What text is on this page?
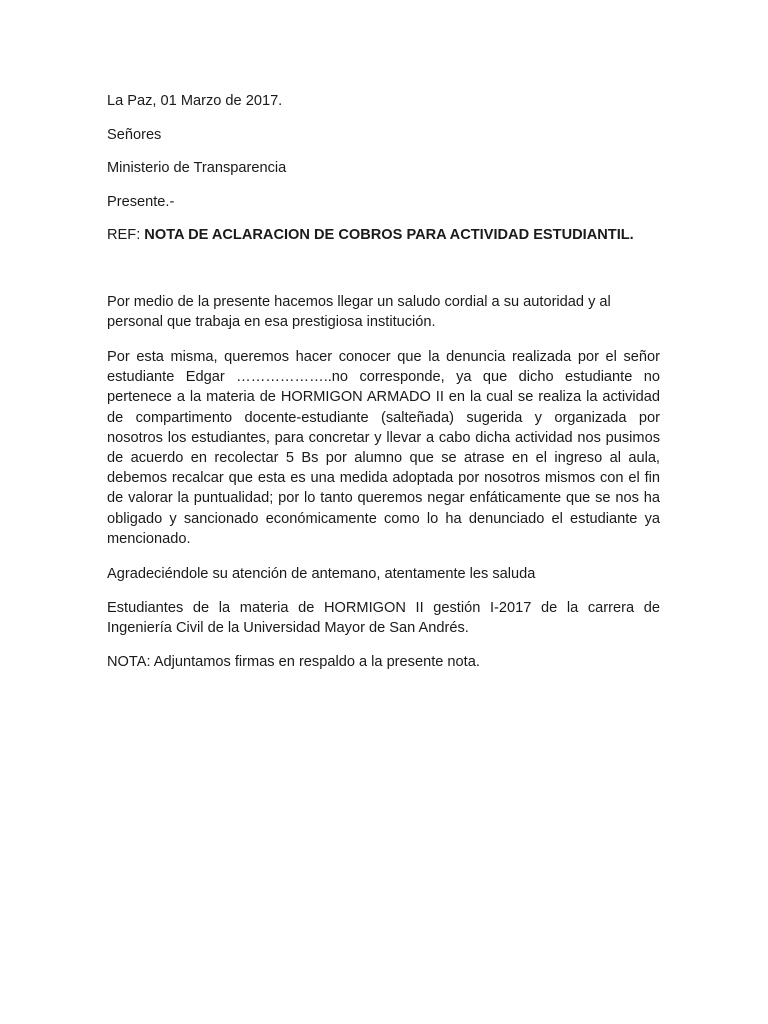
La Paz, 01 Marzo de 2017.
Señores
Ministerio de Transparencia
Presente.-
REF: NOTA DE ACLARACION DE COBROS PARA ACTIVIDAD ESTUDIANTIL.
Por medio de la presente hacemos llegar un saludo cordial a su autoridad y al personal que trabaja en esa prestigiosa institución.
Por esta misma, queremos hacer conocer que la denuncia realizada por el señor estudiante Edgar ………………..no corresponde, ya que dicho estudiante no pertenece a la materia de HORMIGON ARMADO II en la cual se realiza la actividad de compartimento docente-estudiante (salteñada) sugerida y organizada por nosotros los estudiantes, para concretar y llevar a cabo dicha actividad nos pusimos de acuerdo en recolectar 5 Bs por alumno que se atrase en el ingreso al aula, debemos recalcar que esta es una medida adoptada por nosotros mismos con el fin de valorar la puntualidad; por lo tanto queremos negar enfáticamente que se nos ha obligado y sancionado económicamente como lo ha denunciado el estudiante ya mencionado.
Agradeciéndole su atención de antemano, atentamente les saluda
Estudiantes de la materia de HORMIGON II gestión I-2017 de la carrera de Ingeniería Civil de la Universidad Mayor de San Andrés.
NOTA: Adjuntamos firmas en respaldo a la presente nota.
